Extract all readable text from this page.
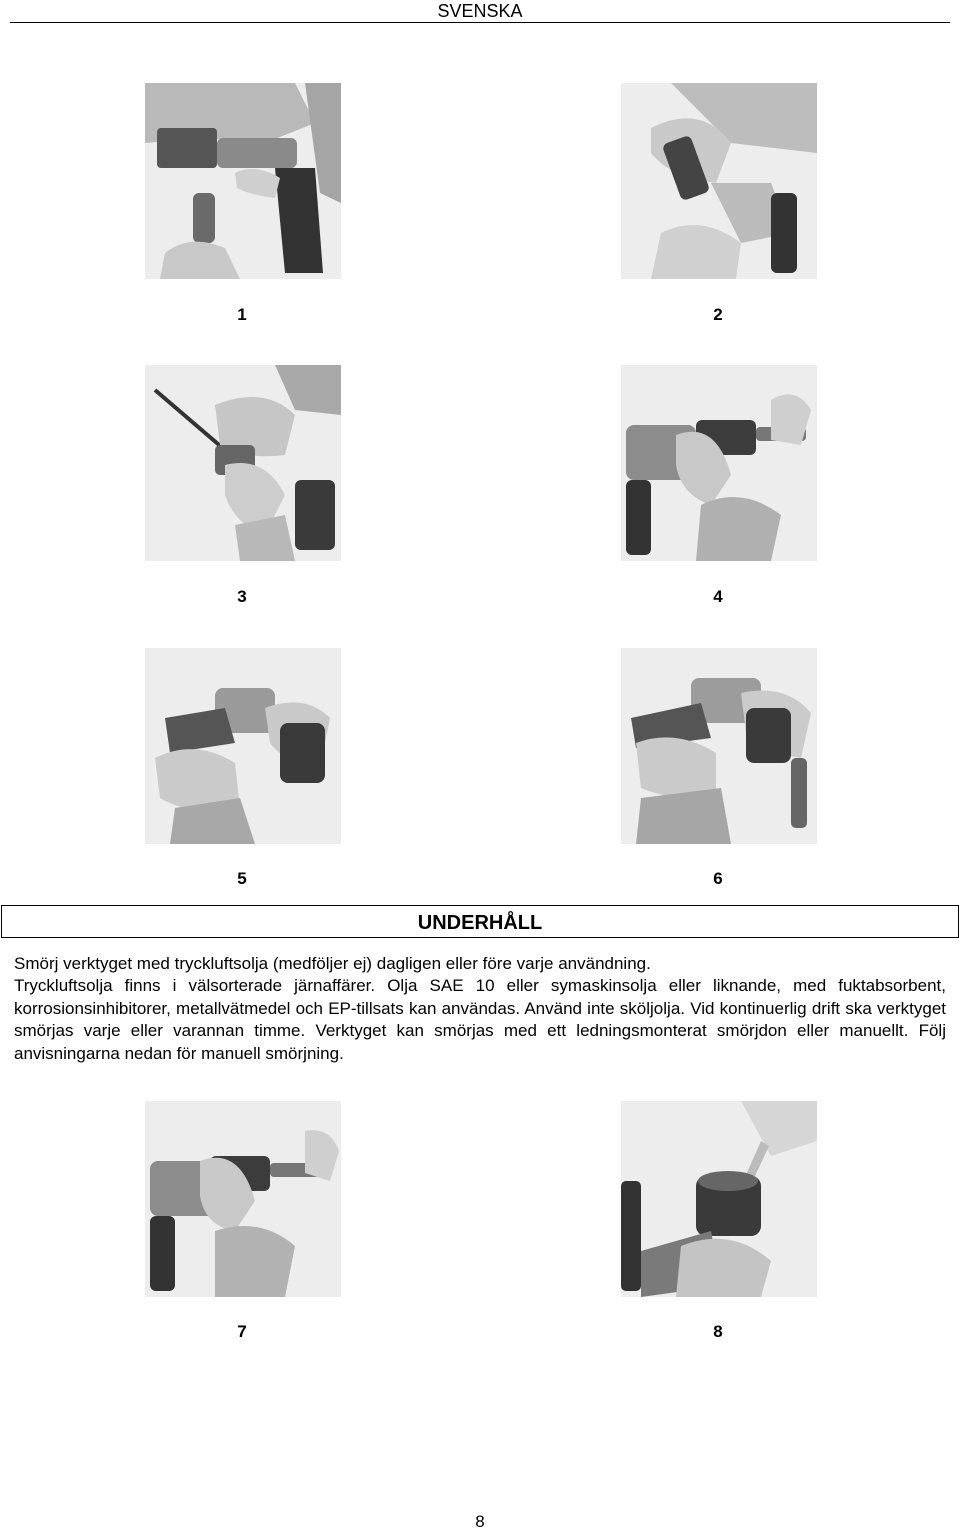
SVENSKA
1	2
3	4
5	6
UNDERHÅLL

Smörj verktyget med tryckluftsolja (medföljer ej) dagligen eller före varje användning.

Tryckluftsolja finns i välsorterade järnaffärer. Olja SAE 10 eller symaskinsolja eller liknande, med fuktabsorbent, korrosionsinhibitorer, metallvätmedel och EP-tillsats kan användas. Använd inte sköljolja. Vid kontinuerlig drift ska verktyget smörjas varje eller varannan timme. Verktyget kan smörjas med ett ledningsmonterat smörjdon eller manuellt. Följ anvisningarna nedan för manuell smörjning.

7	8
8
